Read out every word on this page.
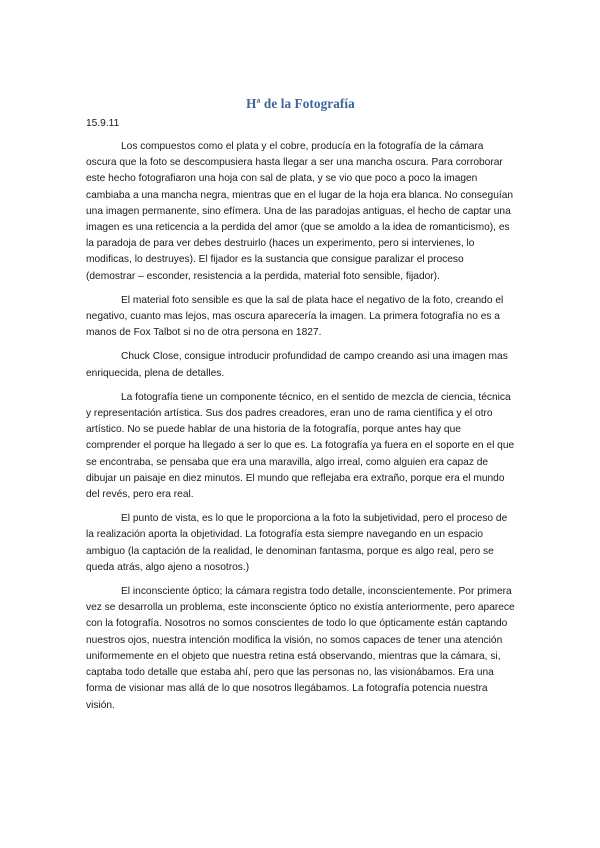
Hª de la Fotografía

15.9.11

Los compuestos como el plata y el cobre, producía en la fotografía de la cámara oscura que la foto se descompusiera hasta llegar a ser una mancha oscura. Para corroborar este hecho fotografiaron una hoja con sal de plata, y se vio que poco a poco la imagen cambiaba a una mancha negra, mientras que en el lugar de la hoja era blanca. No conseguían una imagen permanente, sino efímera. Una de las paradojas antiguas, el hecho de captar una imagen es una reticencia a la perdida del amor (que se amoldo a la idea de romanticismo), es la paradoja de para ver debes destruirlo (haces un experimento, pero si intervienes, lo modificas, lo destruyes). El fijador es la sustancia que consigue paralizar el proceso (demostrar – esconder, resistencia a la perdida, material foto sensible, fijador).

El material foto sensible es que la sal de plata hace el negativo de la foto, creando el negativo, cuanto mas lejos, mas oscura aparecería la imagen. La primera fotografía no es a manos de Fox Talbot si no de otra persona en 1827.

Chuck Close, consigue introducir profundidad de campo creando asi una imagen mas enriquecida, plena de detalles.

La fotografía tiene un componente técnico, en el sentido de mezcla de ciencia, técnica y representación artística. Sus dos padres creadores, eran uno de rama científica y el otro artístico. No se puede hablar de una historia de la fotografía, porque antes hay que comprender el porque ha llegado a ser lo que es. La fotografía ya fuera en el soporte en el que se encontraba, se pensaba que era una maravilla, algo irreal, como alguien era capaz de dibujar un paisaje en diez minutos. El mundo que reflejaba era extraño, porque era el mundo del revés, pero era real.

El punto de vista, es lo que le proporciona a la foto la subjetividad, pero el proceso de la realización aporta la objetividad. La fotografía esta siempre navegando en un espacio ambiguo (la captación de la realidad, le denominan fantasma, porque es algo real, pero se queda atrás, algo ajeno a nosotros.)

El inconsciente óptico; la cámara registra todo detalle, inconscientemente. Por primera vez se desarrolla un problema, este inconsciente óptico no existía anteriormente, pero aparece con la fotografía. Nosotros no somos conscientes de todo lo que ópticamente están captando nuestros ojos, nuestra intención modifica la visión, no somos capaces de tener una atención uniformemente en el objeto que nuestra retina está observando, mientras que la cámara, si, captaba todo detalle que estaba ahí, pero que las personas no, las visionábamos. Era una forma de visionar mas allá de lo que nosotros llegábamos. La fotografía potencia nuestra visión.
